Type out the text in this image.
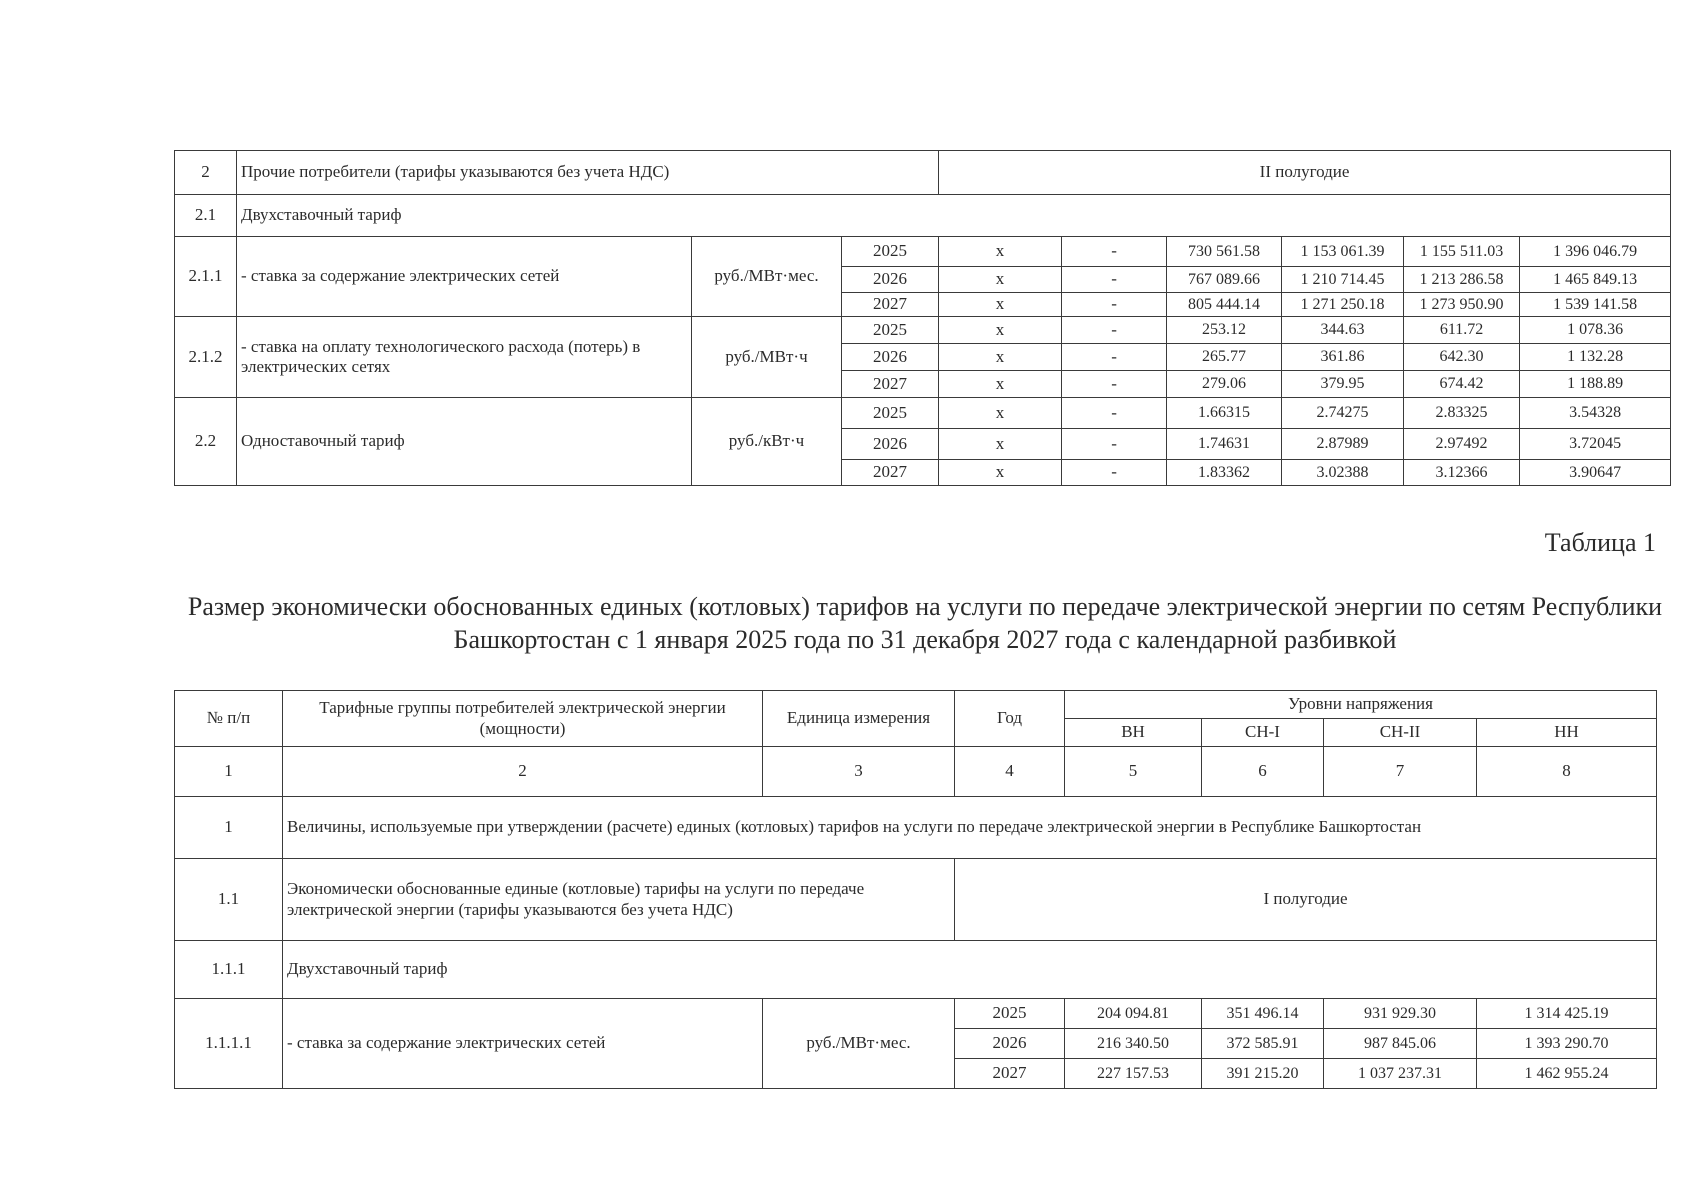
2	Прочие потребители (тарифы указываются без учета НДС)			II полугодие					
2.1	Двухставочный тариф								
2.1.1	- ставка за содержание электрических сетей	руб./МВт·мес.	2025	х	-	730 561.58	1 153 061.39	1 155 511.03	1 396 046.79
			2026	х	-	767 089.66	1 210 714.45	1 213 286.58	1 465 849.13
			2027	х	-	805 444.14	1 271 250.18	1 273 950.90	1 539 141.58
2.1.2	- ставка на оплату технологического расхода (потерь) в электрических сетях	руб./МВт·ч	2025	х	-	253.12	344.63	611.72	1 078.36
			2026	х	-	265.77	361.86	642.30	1 132.28
			2027	х	-	279.06	379.95	674.42	1 188.89
2.2	Одноставочный тариф	руб./кВт·ч	2025	х	-	1.66315	2.74275	2.83325	3.54328
			2026	х	-	1.74631	2.87989	2.97492	3.72045
			2027	х	-	1.83362	3.02388	3.12366	3.90647
Таблица 1
Размер экономически обоснованных единых (котловых) тарифов на услуги по передаче электрической энергии по сетям Республики Башкортостан с 1 января 2025 года по 31 декабря 2027 года с календарной разбивкой
№ п/п	Тарифные группы потребителей электрической энергии (мощности)	Единица измерения	Год	Уровни напряжения			
				ВН	СН-I	СН-II	НН
1	2	3	4	5	6	7	8
1	Величины, используемые при утверждении (расчете) единых (котловых) тарифов на услуги по передаче электрической энергии в Республике Башкортостан						
1.1	Экономически обоснованные единые (котловые) тарифы на услуги по передаче электрической энергии (тарифы указываются без учета НДС)		I полугодие				
1.1.1	Двухставочный тариф						
1.1.1.1	- ставка за содержание электрических сетей	руб./МВт·мес.	2025	204 094.81	351 496.14	931 929.30	1 314 425.19
			2026	216 340.50	372 585.91	987 845.06	1 393 290.70
			2027	227 157.53	391 215.20	1 037 237.31	1 462 955.24
